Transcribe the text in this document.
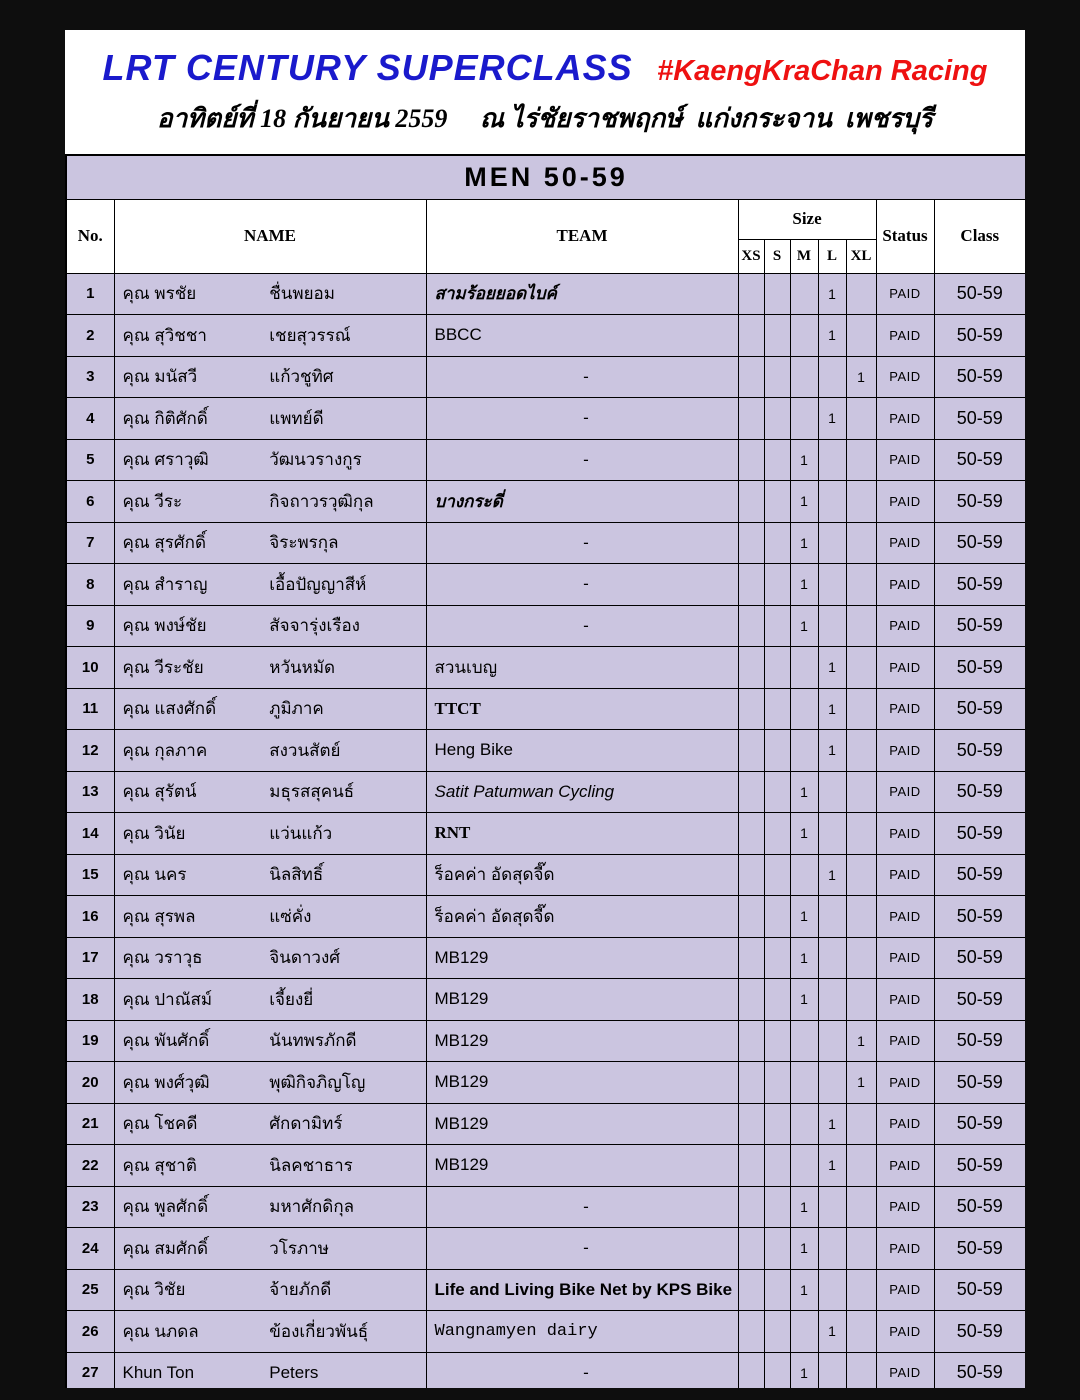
LRT CENTURY SUPERCLASS #KaengKraChan Racing
อาทิตย์ที่ 18 กันยายน 2559     ณ ไร่ชัยราชพฤกษ์  แก่งกระจาน  เพชรบุรี
MEN 50-59									
No.	NAME	TEAM	Size					Status	Class
			XS	S	M	L	XL		
1	คุณ พรชัย ชื่นพยอม	สามร้อยยอดไบค์				1		PAID	50-59
2	คุณ สุวิชชา เชยสุวรรณ์	BBCC				1		PAID	50-59
3	คุณ มนัสวี แก้วชูทิศ	-					1	PAID	50-59
4	คุณ กิติศักดิ์ แพทย์ดี	-				1		PAID	50-59
5	คุณ ศราวุฒิ วัฒนวรางกูร	-			1			PAID	50-59
6	คุณ วีระ กิจถาวรวุฒิกุล	บางกระดี่			1			PAID	50-59
7	คุณ สุรศักดิ์ จิระพรกุล	-			1			PAID	50-59
8	คุณ สำราญ เอื้อปัญญาสีห์	-			1			PAID	50-59
9	คุณ พงษ์ชัย สัจจารุ่งเรือง	-			1			PAID	50-59
10	คุณ วีระชัย หวันหมัด	สวนเบญ				1		PAID	50-59
11	คุณ แสงศักดิ์ ภูมิภาค	TTCT				1		PAID	50-59
12	คุณ กุลภาค สงวนสัตย์	Heng Bike				1		PAID	50-59
13	คุณ สุรัตน์ มธุรสสุคนธ์	Satit Patumwan Cycling			1			PAID	50-59
14	คุณ วินัย แว่นแก้ว	RNT			1			PAID	50-59
15	คุณ นคร นิลสิทธิ์	ร็อคค่า อัดสุดจี๊ด				1		PAID	50-59
16	คุณ สุรพล แซ่คั่ง	ร็อคค่า อัดสุดจี๊ด			1			PAID	50-59
17	คุณ วราวุธ จินดาวงศ์	MB129			1			PAID	50-59
18	คุณ ปาณัสม์ เจี้ยงยี่	MB129			1			PAID	50-59
19	คุณ พันศักดิ์ นันทพรภักดี	MB129					1	PAID	50-59
20	คุณ พงศ์วุฒิ พุฒิกิจภิญโญ	MB129					1	PAID	50-59
21	คุณ โชคดี ศักดามิทร์	MB129				1		PAID	50-59
22	คุณ สุชาติ นิลคชาธาร	MB129				1		PAID	50-59
23	คุณ พูลศักดิ์ มหาศักดิกุล	-			1			PAID	50-59
24	คุณ สมศักดิ์ วโรภาษ	-			1			PAID	50-59
25	คุณ วิชัย จ้ายภักดี	Life and Living Bike Net by KPS Bike			1			PAID	50-59
26	คุณ นภดล ข้องเกี่ยวพันธุ์	Wangnamyen dairy				1		PAID	50-59
27	Khun Ton Peters	-			1			PAID	50-59
